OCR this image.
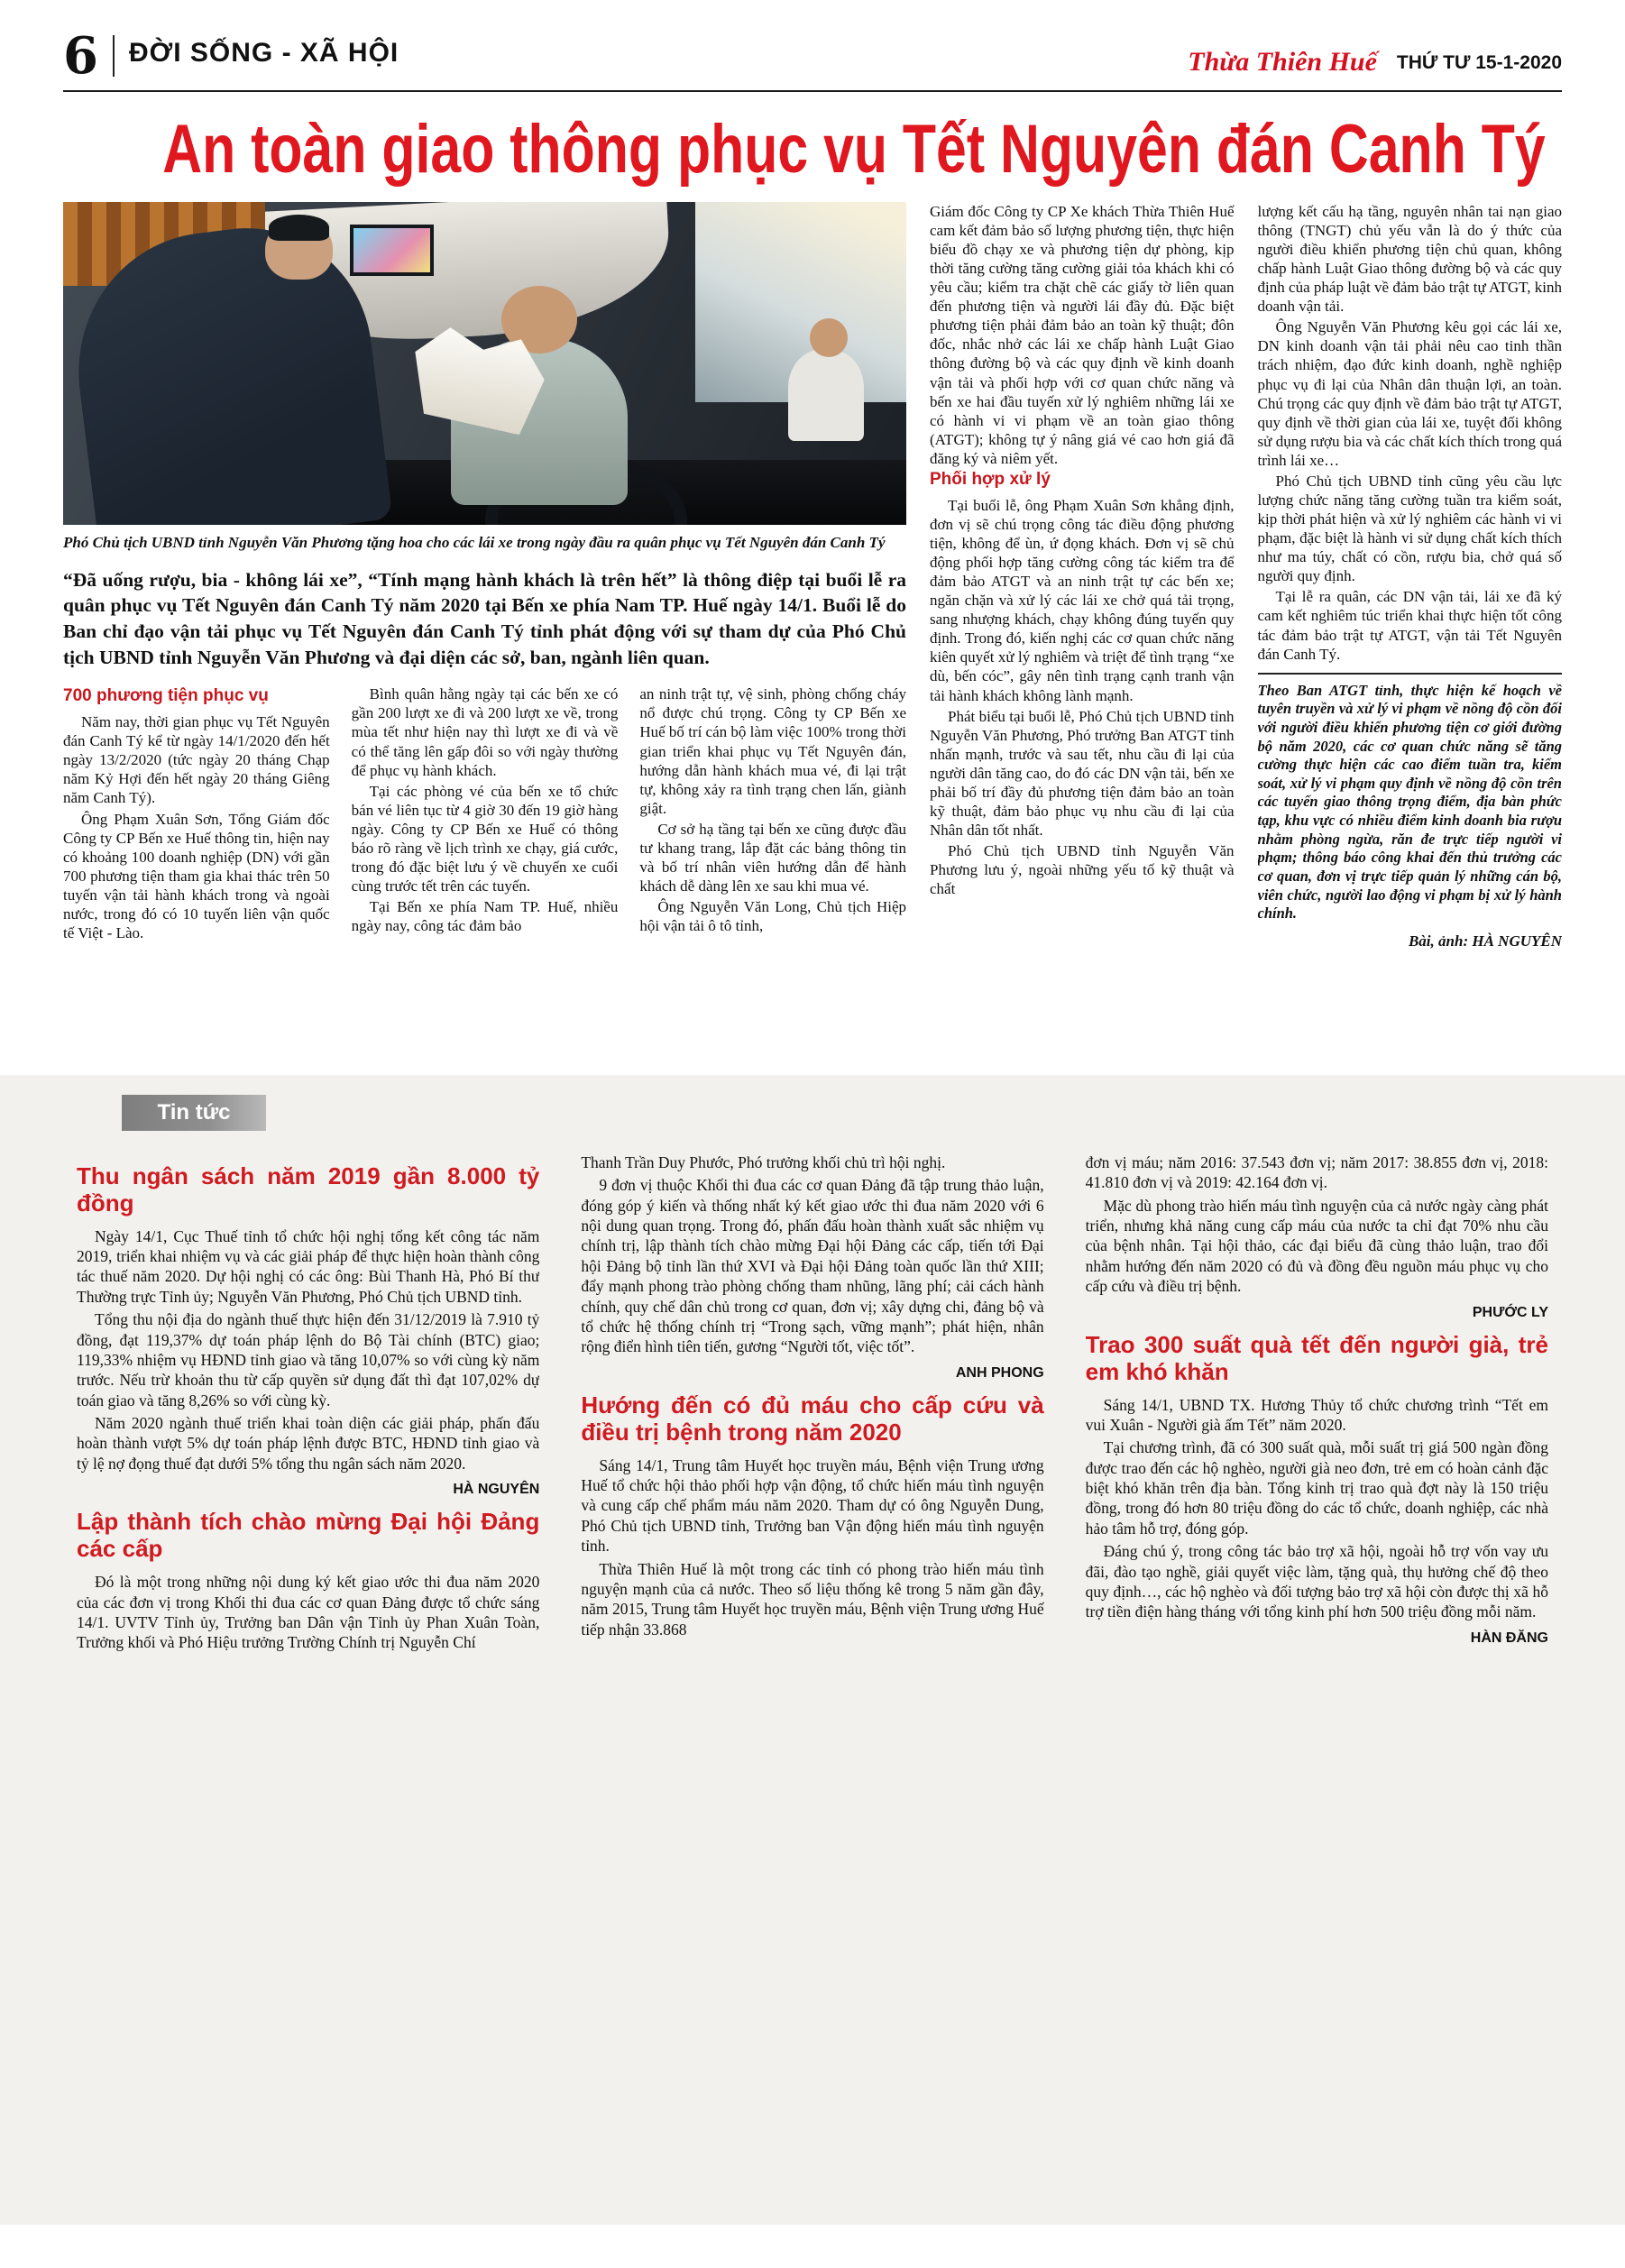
6 ĐỜI SỐNG - XÃ HỘI	Thừa Thiên Huế THỨ TƯ 15-1-2020
An toàn giao thông phục vụ Tết Nguyên đán Canh Tý

Phó Chủ tịch UBND tỉnh Nguyễn Văn Phương tặng hoa cho các lái xe trong ngày đầu ra quân phục vụ Tết Nguyên đán Canh Tý

“Đã uống rượu, bia - không lái xe”, “Tính mạng hành khách là trên hết” là thông điệp tại buổi lễ ra quân phục vụ Tết Nguyên đán Canh Tý năm 2020 tại Bến xe phía Nam TP. Huế ngày 14/1. Buổi lễ do Ban chỉ đạo vận tải phục vụ Tết Nguyên đán Canh Tý tỉnh phát động với sự tham dự của Phó Chủ tịch UBND tỉnh Nguyễn Văn Phương và đại diện các sở, ban, ngành liên quan.

700 phương tiện phục vụ

Năm nay, thời gian phục vụ Tết Nguyên đán Canh Tý kể từ ngày 14/1/2020 đến hết ngày 13/2/2020 (tức ngày 20 tháng Chạp năm Kỷ Hợi đến hết ngày 20 tháng Giêng năm Canh Tý).

Ông Phạm Xuân Sơn, Tổng Giám đốc Công ty CP Bến xe Huế thông tin, hiện nay có khoảng 100 doanh nghiệp (DN) với gần 700 phương tiện tham gia khai thác trên 50 tuyến vận tải hành khách trong và ngoài nước, trong đó có 10 tuyến liên vận quốc tế Việt - Lào.

Bình quân hằng ngày tại các bến xe có gần 200 lượt xe đi và 200 lượt xe về, trong mùa tết như hiện nay thì lượt xe đi và về có thể tăng lên gấp đôi so với ngày thường để phục vụ hành khách.

Tại các phòng vé của bến xe tổ chức bán vé liên tục từ 4 giờ 30 đến 19 giờ hàng ngày. Công ty CP Bến xe Huế có thông báo rõ ràng về lịch trình xe chạy, giá cước, trong đó đặc biệt lưu ý về chuyến xe cuối cùng trước tết trên các tuyến.

Tại Bến xe phía Nam TP. Huế, nhiều ngày nay, công tác đảm bảo

an ninh trật tự, vệ sinh, phòng chống cháy nổ được chú trọng. Công ty CP Bến xe Huế bố trí cán bộ làm việc 100% trong thời gian triển khai phục vụ Tết Nguyên đán, hướng dẫn hành khách mua vé, đi lại trật tự, không xảy ra tình trạng chen lấn, giành giật.

Cơ sở hạ tầng tại bến xe cũng được đầu tư khang trang, lắp đặt các bảng thông tin và bố trí nhân viên hướng dẫn để hành khách dễ dàng lên xe sau khi mua vé.

Ông Nguyễn Văn Long, Chủ tịch Hiệp hội vận tải ô tô tỉnh,

Giám đốc Công ty CP Xe khách Thừa Thiên Huế cam kết đảm bảo số lượng phương tiện, thực hiện biểu đồ chạy xe và phương tiện dự phòng, kịp thời tăng cường tăng cường giải tỏa khách khi có yêu cầu; kiểm tra chặt chẽ các giấy tờ liên quan đến phương tiện và người lái đầy đủ. Đặc biệt phương tiện phải đảm bảo an toàn kỹ thuật; đôn đốc, nhắc nhở các lái xe chấp hành Luật Giao thông đường bộ và các quy định về kinh doanh vận tải và phối hợp với cơ quan chức năng và bến xe hai đầu tuyến xử lý nghiêm những lái xe có hành vi vi phạm về an toàn giao thông (ATGT); không tự ý nâng giá vé cao hơn giá đã đăng ký và niêm yết.

Phối hợp xử lý

Tại buổi lễ, ông Phạm Xuân Sơn khẳng định, đơn vị sẽ chú trọng công tác điều động phương tiện, không để ùn, ứ đọng khách. Đơn vị sẽ chủ động phối hợp tăng cường công tác kiểm tra để đảm bảo ATGT và an ninh trật tự các bến xe; ngăn chặn và xử lý các lái xe chở quá tải trọng, sang nhượng khách, chạy không đúng tuyến quy định. Trong đó, kiến nghị các cơ quan chức năng kiên quyết xử lý nghiêm và triệt để tình trạng “xe dù, bến cóc”, gây nên tình trạng cạnh tranh vận tải hành khách không lành mạnh.

Phát biểu tại buổi lễ, Phó Chủ tịch UBND tỉnh Nguyễn Văn Phương, Phó trưởng Ban ATGT tỉnh nhấn mạnh, trước và sau tết, nhu cầu đi lại của người dân tăng cao, do đó các DN vận tải, bến xe phải bố trí đầy đủ phương tiện đảm bảo an toàn kỹ thuật, đảm bảo phục vụ nhu cầu đi lại của Nhân dân tốt nhất.

Phó Chủ tịch UBND tỉnh Nguyễn Văn Phương lưu ý, ngoài những yếu tố kỹ thuật và chất

lượng kết cấu hạ tầng, nguyên nhân tai nạn giao thông (TNGT) chủ yếu vẫn là do ý thức của người điều khiển phương tiện chủ quan, không chấp hành Luật Giao thông đường bộ và các quy định của pháp luật về đảm bảo trật tự ATGT, kinh doanh vận tải.

Ông Nguyễn Văn Phương kêu gọi các lái xe, DN kinh doanh vận tải phải nêu cao tinh thần trách nhiệm, đạo đức kinh doanh, nghề nghiệp phục vụ đi lại của Nhân dân thuận lợi, an toàn. Chú trọng các quy định về đảm bảo trật tự ATGT, quy định về thời gian của lái xe, tuyệt đối không sử dụng rượu bia và các chất kích thích trong quá trình lái xe…

Phó Chủ tịch UBND tỉnh cũng yêu cầu lực lượng chức năng tăng cường tuần tra kiểm soát, kịp thời phát hiện và xử lý nghiêm các hành vi vi phạm, đặc biệt là hành vi sử dụng chất kích thích như ma túy, chất có cồn, rượu bia, chở quá số người quy định.

Tại lễ ra quân, các DN vận tải, lái xe đã ký cam kết nghiêm túc triển khai thực hiện tốt công tác đảm bảo trật tự ATGT, vận tải Tết Nguyên đán Canh Tý.

Theo Ban ATGT tỉnh, thực hiện kế hoạch về tuyên truyền và xử lý vi phạm về nồng độ cồn đối với người điều khiển phương tiện cơ giới đường bộ năm 2020, các cơ quan chức năng sẽ tăng cường thực hiện các cao điểm tuần tra, kiểm soát, xử lý vi phạm quy định về nồng độ cồn trên các tuyến giao thông trọng điểm, địa bàn phức tạp, khu vực có nhiều điểm kinh doanh bia rượu nhằm phòng ngừa, răn đe trực tiếp người vi phạm; thông báo công khai đến thủ trưởng các cơ quan, đơn vị trực tiếp quản lý những cán bộ, viên chức, người lao động vi phạm bị xử lý hành chính.
Bài, ảnh: HÀ NGUYÊN
Tin tức
Thu ngân sách năm 2019 gần 8.000 tỷ đồng

Ngày 14/1, Cục Thuế tỉnh tổ chức hội nghị tổng kết công tác năm 2019, triển khai nhiệm vụ và các giải pháp để thực hiện hoàn thành công tác thuế năm 2020. Dự hội nghị có các ông: Bùi Thanh Hà, Phó Bí thư Thường trực Tỉnh ủy; Nguyễn Văn Phương, Phó Chủ tịch UBND tỉnh.

Tổng thu nội địa do ngành thuế thực hiện đến 31/12/2019 là 7.910 tỷ đồng, đạt 119,37% dự toán pháp lệnh do Bộ Tài chính (BTC) giao; 119,33% nhiệm vụ HĐND tỉnh giao và tăng 10,07% so với cùng kỳ năm trước. Nếu trừ khoản thu từ cấp quyền sử dụng đất thì đạt 107,02% dự toán giao và tăng 8,26% so với cùng kỳ.

Năm 2020 ngành thuế triển khai toàn diện các giải pháp, phấn đấu hoàn thành vượt 5% dự toán pháp lệnh được BTC, HĐND tỉnh giao và tỷ lệ nợ đọng thuế đạt dưới 5% tổng thu ngân sách năm 2020.

HÀ NGUYÊN
Lập thành tích chào mừng Đại hội Đảng các cấp

Đó là một trong những nội dung ký kết giao ước thi đua năm 2020 của các đơn vị trong Khối thi đua các cơ quan Đảng được tổ chức sáng 14/1. UVTV Tỉnh ủy, Trưởng ban Dân vận Tỉnh ủy Phan Xuân Toàn, Trưởng khối và Phó Hiệu trưởng Trường Chính trị Nguyễn Chí

Thanh Trần Duy Phước, Phó trưởng khối chủ trì hội nghị.

9 đơn vị thuộc Khối thi đua các cơ quan Đảng đã tập trung thảo luận, đóng góp ý kiến và thống nhất ký kết giao ước thi đua năm 2020 với 6 nội dung quan trọng. Trong đó, phấn đấu hoàn thành xuất sắc nhiệm vụ chính trị, lập thành tích chào mừng Đại hội Đảng các cấp, tiến tới Đại hội Đảng bộ tỉnh lần thứ XVI và Đại hội Đảng toàn quốc lần thứ XIII; đẩy mạnh phong trào phòng chống tham nhũng, lãng phí; cải cách hành chính, quy chế dân chủ trong cơ quan, đơn vị; xây dựng chi, đảng bộ và tổ chức hệ thống chính trị “Trong sạch, vững mạnh”; phát hiện, nhân rộng điển hình tiên tiến, gương “Người tốt, việc tốt”.

ANH PHONG
Hướng đến có đủ máu cho cấp cứu và điều trị bệnh trong năm 2020

Sáng 14/1, Trung tâm Huyết học truyền máu, Bệnh viện Trung ương Huế tổ chức hội thảo phối hợp vận động, tổ chức hiến máu tình nguyện và cung cấp chế phẩm máu năm 2020. Tham dự có ông Nguyễn Dung, Phó Chủ tịch UBND tỉnh, Trưởng ban Vận động hiến máu tình nguyện tỉnh.

Thừa Thiên Huế là một trong các tỉnh có phong trào hiến máu tình nguyện mạnh của cả nước. Theo số liệu thống kê trong 5 năm gần đây, năm 2015, Trung tâm Huyết học truyền máu, Bệnh viện Trung ương Huế tiếp nhận 33.868

đơn vị máu; năm 2016: 37.543 đơn vị; năm 2017: 38.855 đơn vị, 2018: 41.810 đơn vị và 2019: 42.164 đơn vị.

Mặc dù phong trào hiến máu tình nguyện của cả nước ngày càng phát triển, nhưng khả năng cung cấp máu của nước ta chỉ đạt 70% nhu cầu của bệnh nhân. Tại hội thảo, các đại biểu đã cùng thảo luận, trao đổi nhằm hướng đến năm 2020 có đủ và đồng đều nguồn máu phục vụ cho cấp cứu và điều trị bệnh.

PHƯỚC LY
Trao 300 suất quà tết đến người già, trẻ em khó khăn

Sáng 14/1, UBND TX. Hương Thủy tổ chức chương trình “Tết em vui Xuân - Người già ấm Tết” năm 2020.

Tại chương trình, đã có 300 suất quà, mỗi suất trị giá 500 ngàn đồng được trao đến các hộ nghèo, người già neo đơn, trẻ em có hoàn cảnh đặc biệt khó khăn trên địa bàn. Tổng kinh trị trao quà đợt này là 150 triệu đồng, trong đó hơn 80 triệu đồng do các tổ chức, doanh nghiệp, các nhà hảo tâm hỗ trợ, đóng góp.

Đáng chú ý, trong công tác bảo trợ xã hội, ngoài hỗ trợ vốn vay ưu đãi, đào tạo nghề, giải quyết việc làm, tặng quà, thụ hưởng chế độ theo quy định…, các hộ nghèo và đối tượng bảo trợ xã hội còn được thị xã hỗ trợ tiền điện hàng tháng với tổng kinh phí hơn 500 triệu đồng mỗi năm.

HÀN ĐĂNG
